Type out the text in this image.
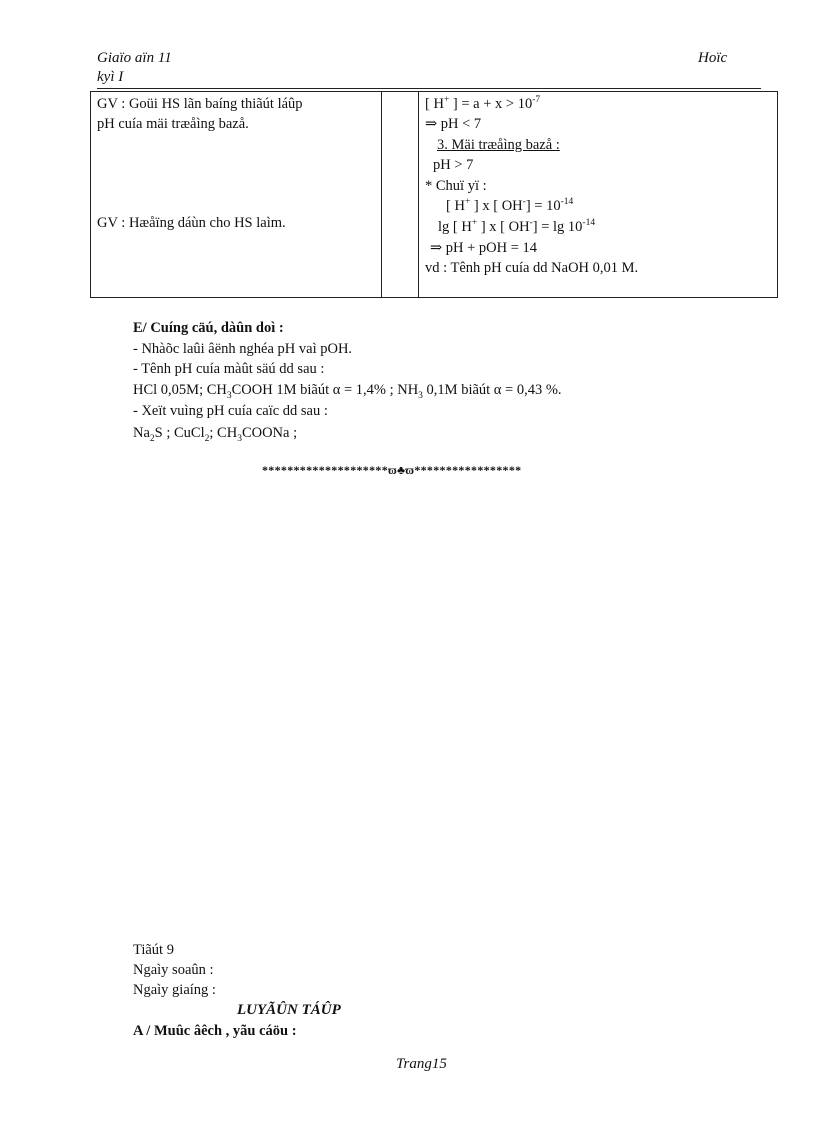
Giaïo aïn 11
kyì I
Hoïc
GV : Goüi HS lãn baíng thiãút láûp
pH cuía mäi træåìng bazå.
GV : Hæåïng dáùn cho HS laìm.
[ H+ ] = $a + x > 10^{-7}$
⇒ pH < 7
3. Mäi træåìng bazå :
pH > 7
* Chuï yï :
[ H+ ] x [ $OH^-] = 10^{-14}$
lg [ H+ ] x [ $OH^-] = \lg 10^{-14}$
⇒ pH + pOH = 14
vd : Tênh pH cuía dd NaOH 0,01 M.
E/ Cuíng cäú, dàûn doì :
- Nhàõc laûi âënh nghéa pH vaì pOH.
- Tênh pH cuía màût säú dd sau :
HCl 0,05M; $CH_3COOH$ 1M biãút α = 1,4% ; $NH_3$ 0,1M biãút α = 0,43 %.
- Xeït vuìng pH cuía caïc dd sau :
$Na_2S$ ; CuCl$_2$; $CH_3COONa$ ;
********************ϖ♣ϖ*****************
Tiãút 9
Ngaìy soaûn :
Ngaìy giaíng :
LUYÃÛN TÁÛP
A / Muûc âêch , yãu cáöu :
Trang15
